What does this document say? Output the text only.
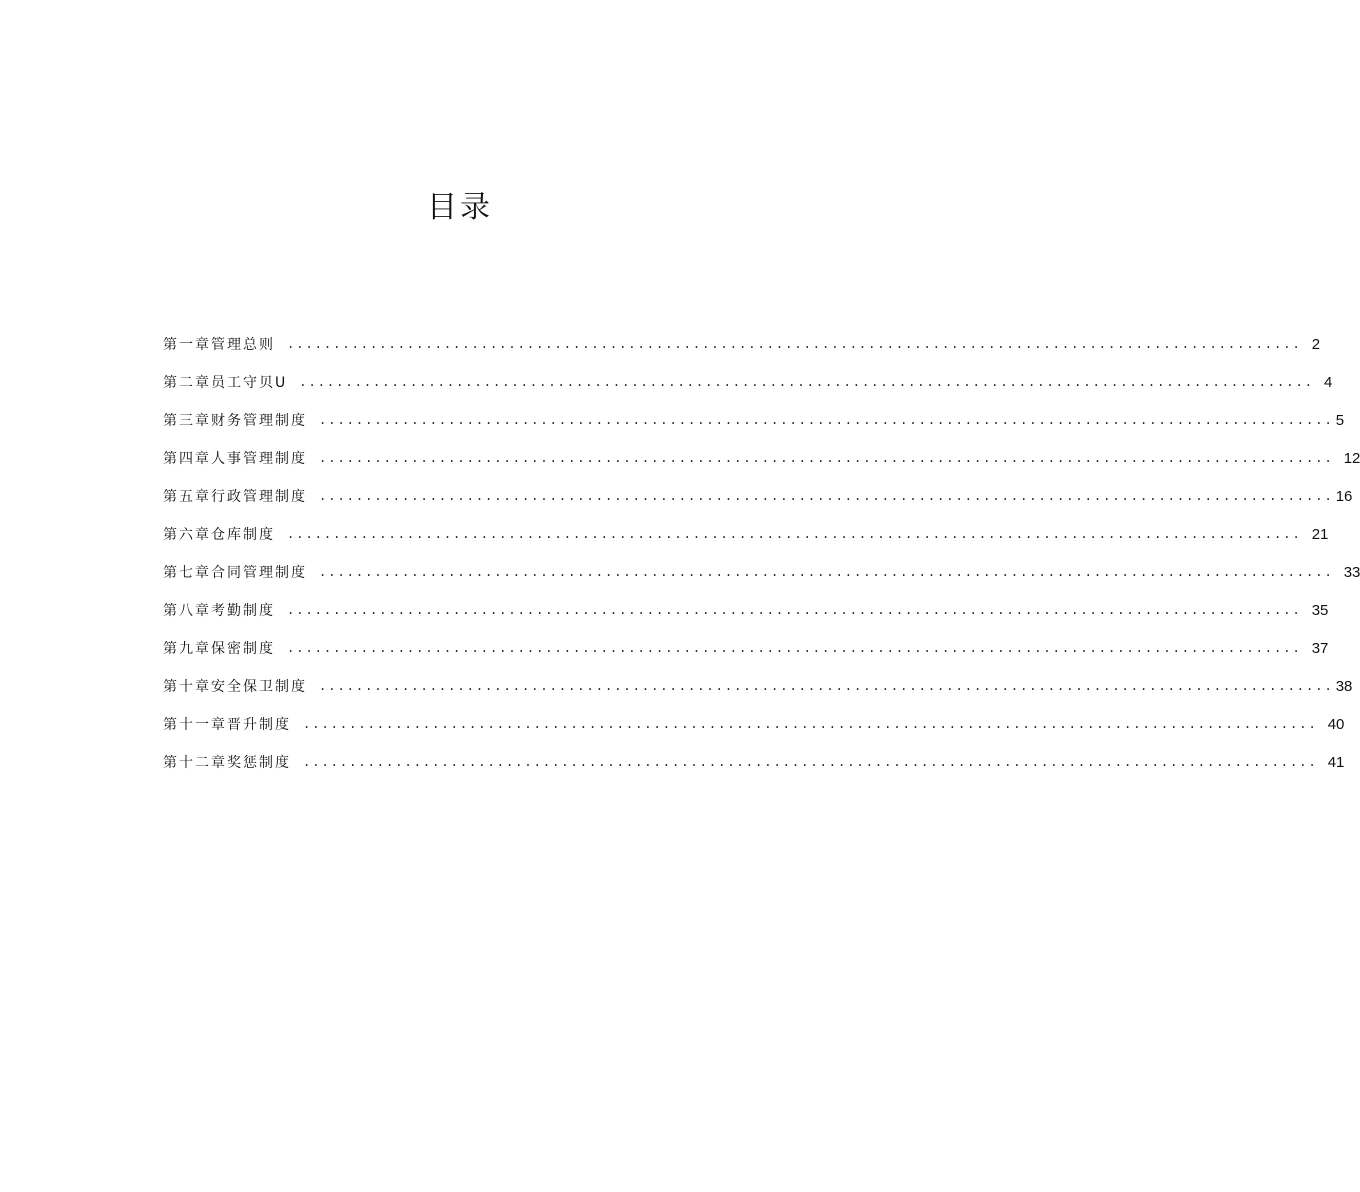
目录
第一章 管理总则 .............................................................................................................. 2
第二章 员工守贝U .............................................................................................................. 4
第三章 财务管理制度 .............................................................................................................. 5
第四章 人事管理制度 .............................................................................................................. 12
第五章 行政管理制度 .............................................................................................................. 16
第六章 仓库制度 .............................................................................................................. 21
第七章 合同管理制度 .............................................................................................................. 33
第八章 考勤制度 .............................................................................................................. 35
第九章 保密制度 .............................................................................................................. 37
第十章 安全保卫制度 .............................................................................................................. 38
第十一章 晋升制度 .............................................................................................................. 40
第十二章 奖惩制度 .............................................................................................................. 41
